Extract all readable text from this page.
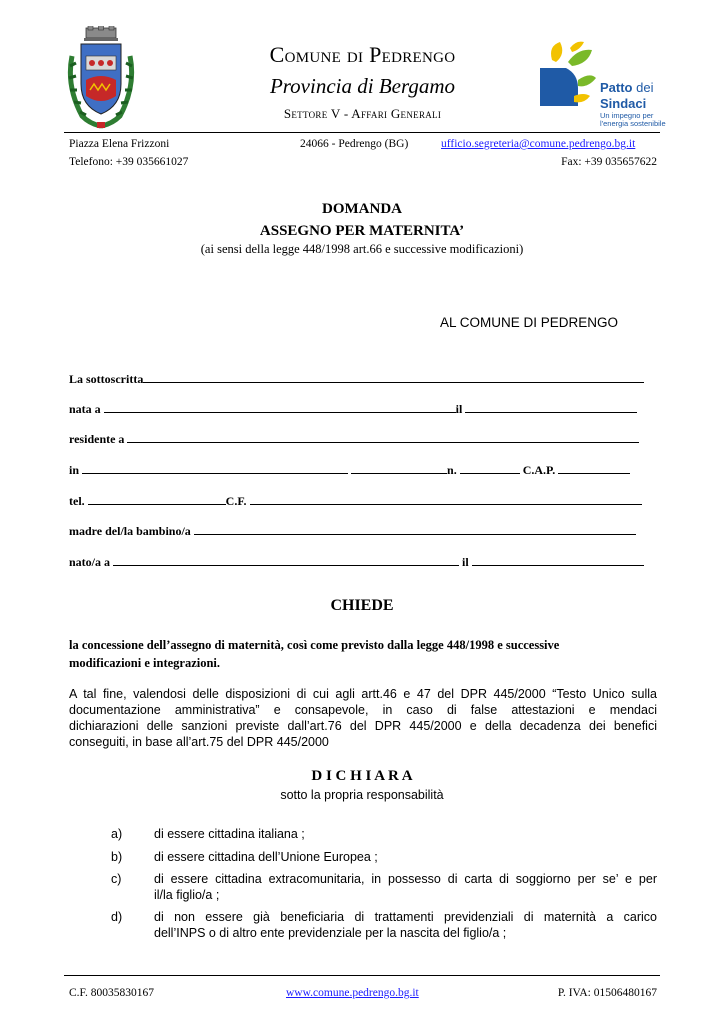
Comune di Pedrengo
Provincia di Bergamo
Settore V - Affari Generali
Patto dei
Sindaci
Un impegno per
l'energia sostenibile
Piazza Elena Frizzoni	24066 - Pedrengo (BG)	ufficio.segreteria@comune.pedrengo.bg.it
Telefono: +39 035661027	Fax: +39 035657622
DOMANDA
ASSEGNO PER MATERNITA’
(ai sensi della legge 448/1998 art.66 e successive modificazioni)
AL COMUNE DI PEDRENGO
La sottoscritta
nata a	il
residente a
in	n.	C.A.P.
tel.	C.F.
madre del/la bambino/a
nato/a a	il
CHIEDE
la concessione dell’assegno di maternità, così come previsto dalla legge 448/1998 e successive
modificazioni e integrazioni.
A tal fine, valendosi delle disposizioni di cui agli artt.46 e 47 del DPR 445/2000 “Testo Unico sulla
documentazione amministrativa” e consapevole, in caso di false attestazioni e mendaci
dichiarazioni delle sanzioni previste dall’art.76 del DPR 445/2000 e della decadenza dei benefici
conseguiti, in base all’art.75 del DPR 445/2000
D I C H I A R A
sotto la propria responsabilità
a)	di essere cittadina italiana ;
b)	di essere cittadina dell’Unione Europea ;
c)	di essere cittadina extracomunitaria, in possesso di carta di soggiorno per se’ e per
il/la figlio/a ;
d)	di non essere già beneficiaria di trattamenti previdenziali di maternità a carico
dell’INPS o di altro ente previdenziale per la nascita del figlio/a ;
C.F. 80035830167	www.comune.pedrengo.bg.it	P. IVA: 01506480167
